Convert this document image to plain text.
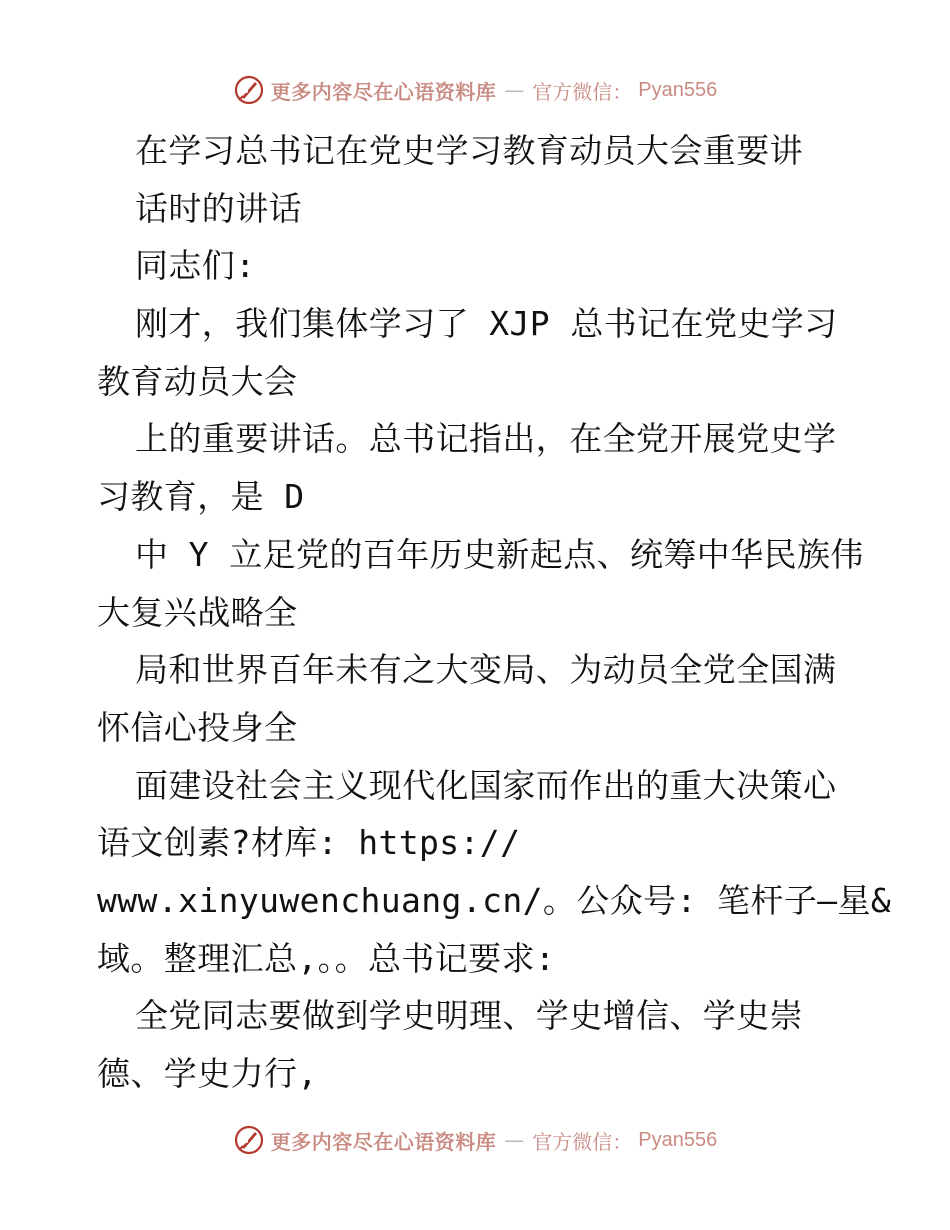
更多内容尽在心语资料库 — 官方微信： Pyan556
在学习总书记在党史学习教育动员大会重要讲
话时的讲话
同志们:
刚才，我们集体学习了 XJP 总书记在党史学习
教育动员大会
上的重要讲话。总书记指出，在全党开展党史学
习教育，是 D
中 Y 立足党的百年历史新起点、统筹中华民族伟
大复兴战略全
局和世界百年未有之大变局、为动员全党全国满
怀信心投身全
面建设社会主义现代化国家而作出的重大决策心
语文创素?材库: https://
www.xinyuwenchuang.cn/。公众号: 笔杆子—星&
域。整理汇总,。。总书记要求:
全党同志要做到学史明理、学史增信、学史崇
德、学史力行,
更多内容尽在心语资料库 — 官方微信： Pyan556
